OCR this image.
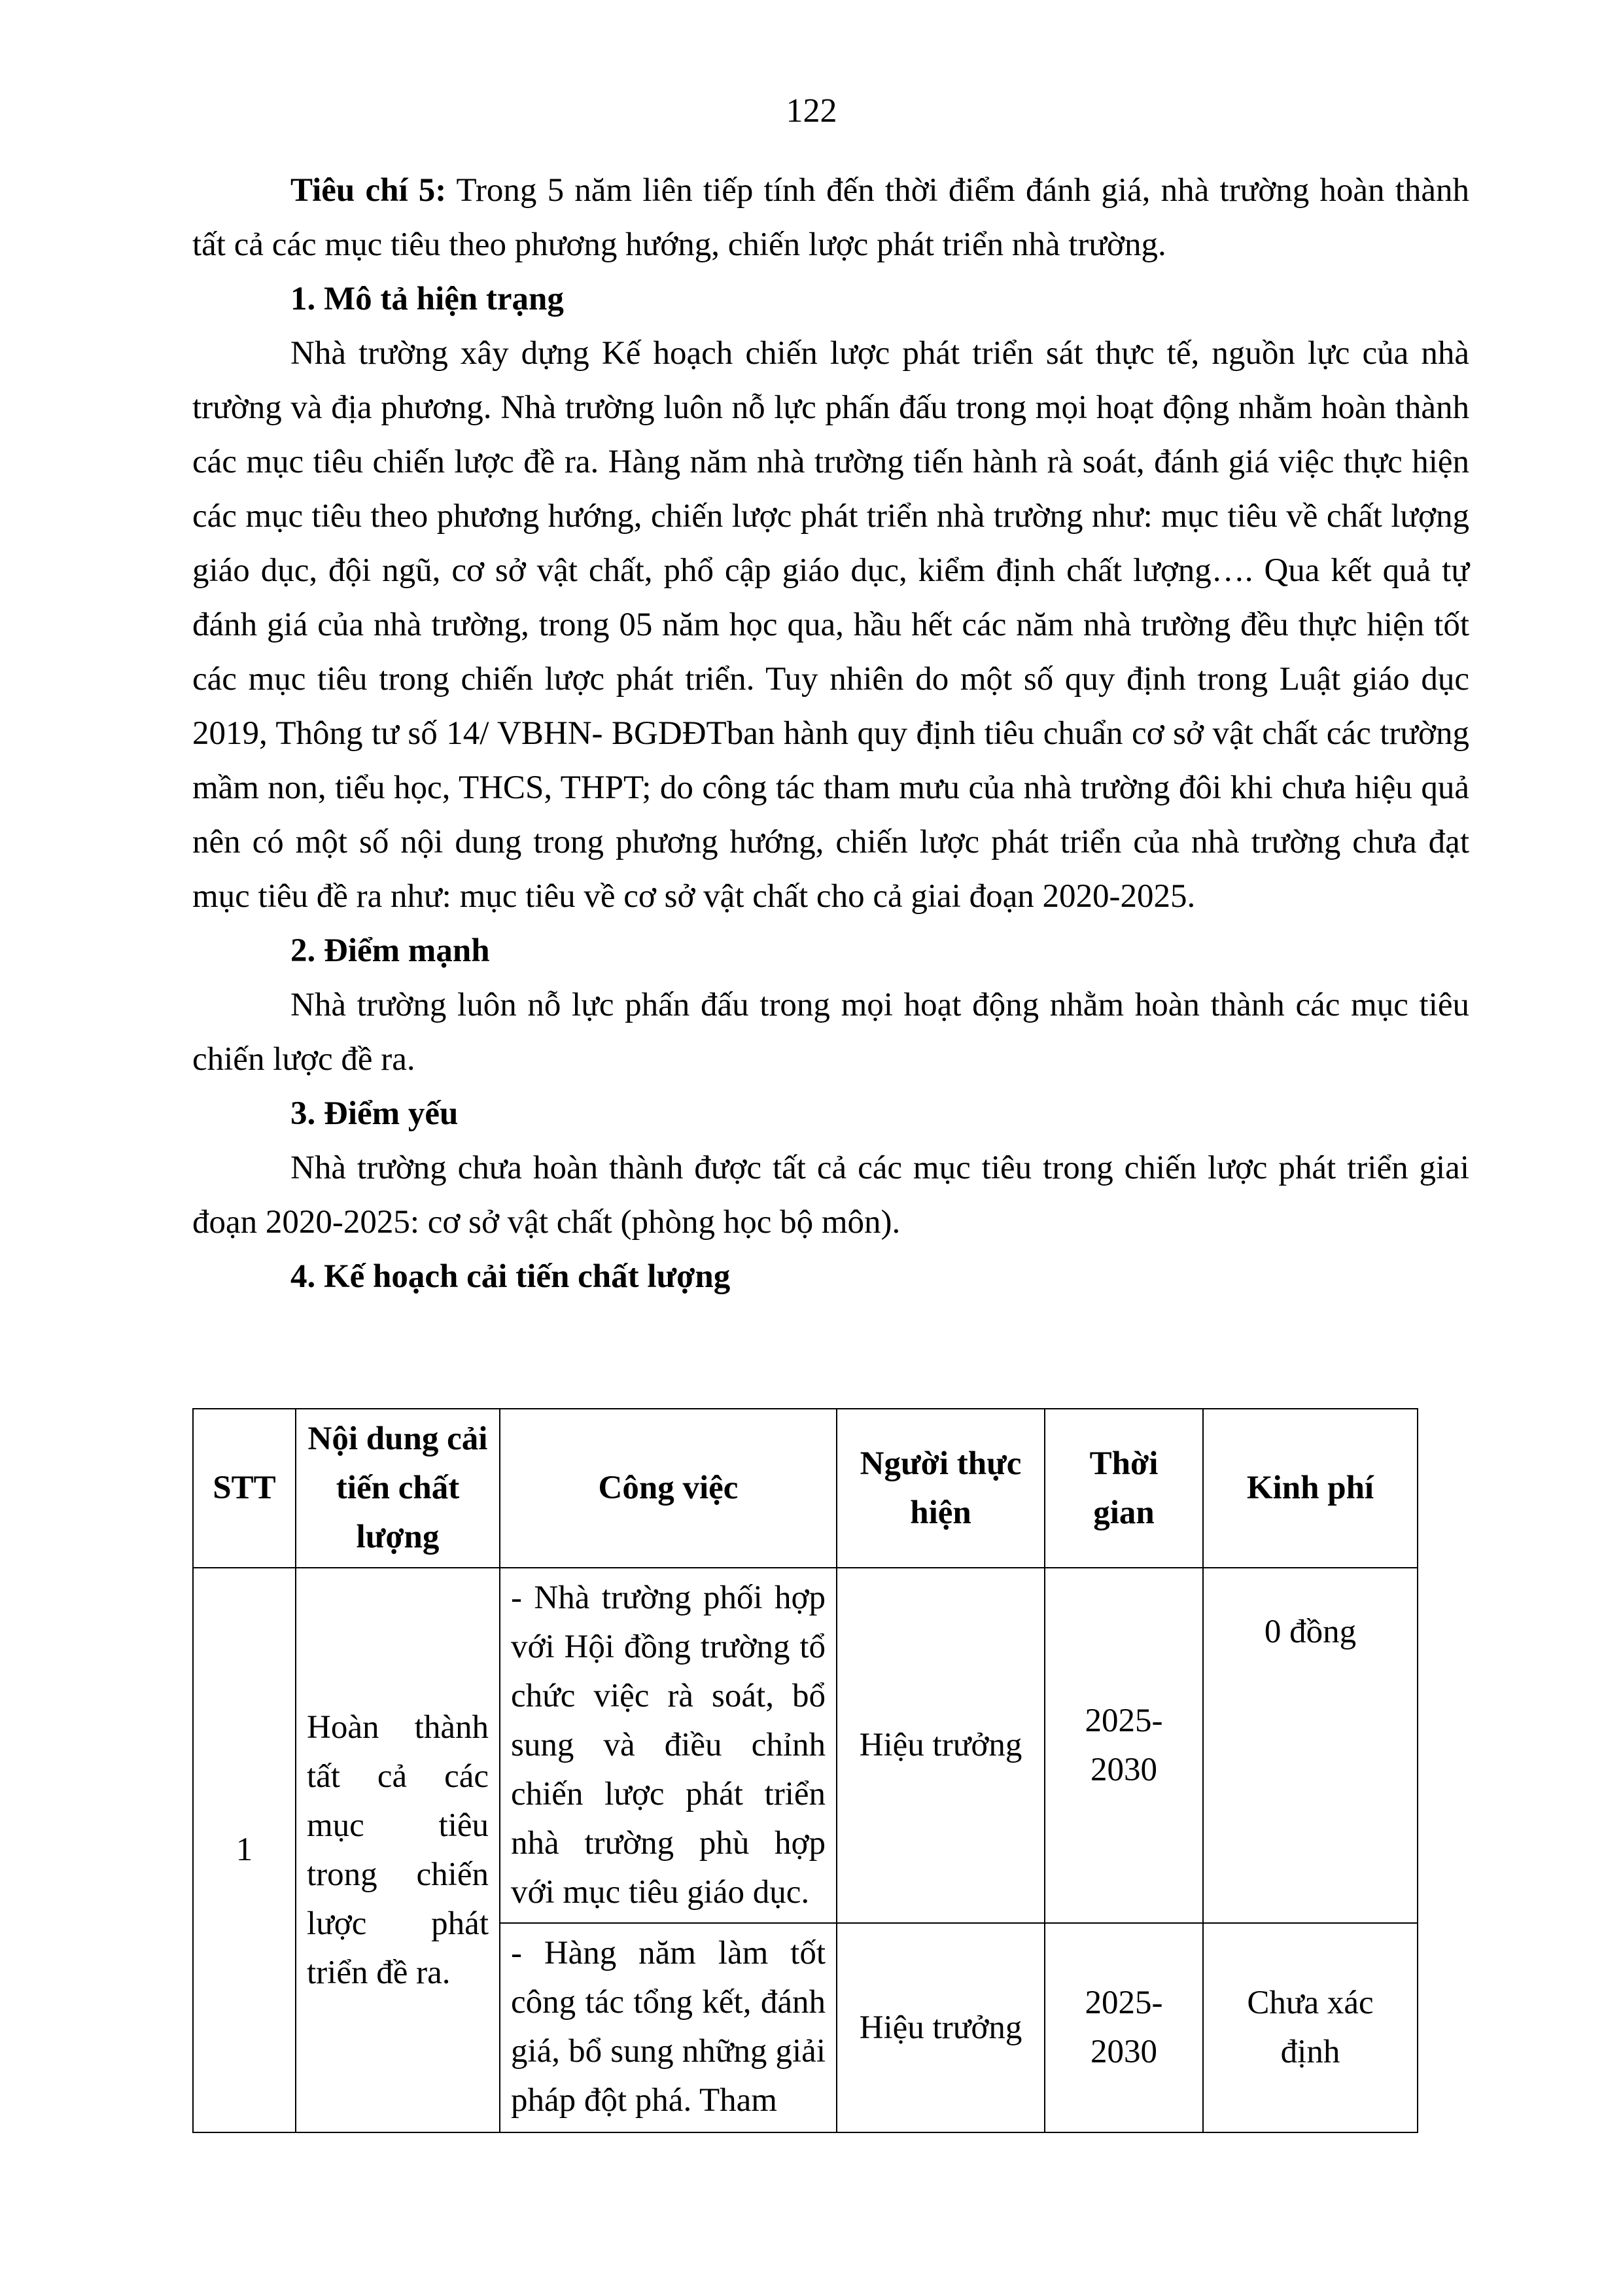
122

Tiêu chí 5: Trong 5 năm liên tiếp tính đến thời điểm đánh giá, nhà trường hoàn thành tất cả các mục tiêu theo phương hướng, chiến lược phát triển nhà trường.

1. Mô tả hiện trạng

Nhà trường xây dựng Kế hoạch chiến lược phát triển sát thực tế, nguồn lực của nhà trường và địa phương. Nhà trường luôn nỗ lực phấn đấu trong mọi hoạt động nhằm hoàn thành các mục tiêu chiến lược đề ra. Hàng năm nhà trường tiến hành rà soát, đánh giá việc thực hiện các mục tiêu theo phương hướng, chiến lược phát triển nhà trường như: mục tiêu về chất lượng giáo dục, đội ngũ, cơ sở vật chất, phổ cập giáo dục, kiểm định chất lượng…. Qua kết quả tự đánh giá của nhà trường, trong 05 năm học qua, hầu hết các năm nhà trường đều thực hiện tốt các mục tiêu trong chiến lược phát triển. Tuy nhiên do một số quy định trong Luật giáo dục 2019, Thông tư số 14/ VBHN- BGDĐTban hành quy định tiêu chuẩn cơ sở vật chất các trường mầm non, tiểu học, THCS, THPT; do công tác tham mưu của nhà trường đôi khi chưa hiệu quả nên có một số nội dung trong phương hướng, chiến lược phát triển của nhà trường chưa đạt mục tiêu đề ra như: mục tiêu về cơ sở vật chất cho cả giai đoạn 2020-2025.

2. Điểm mạnh

Nhà trường luôn nỗ lực phấn đấu trong mọi hoạt động nhằm hoàn thành các mục tiêu chiến lược đề ra.

3. Điểm yếu

Nhà trường chưa hoàn thành được tất cả các mục tiêu trong chiến lược phát triển giai đoạn 2020-2025: cơ sở vật chất (phòng học bộ môn).

4. Kế hoạch cải tiến chất lượng

STT	Nội dung cải tiến chất lượng	Công việc	Người thực hiện	Thời gian	Kinh phí
1	Hoàn thành tất cả các mục tiêu trong chiến lược phát triển đề ra.	- Nhà trường phối hợp với Hội đồng trường tổ chức việc rà soát, bổ sung và điều chỉnh chiến lược phát triển nhà trường phù hợp với mục tiêu giáo dục.	Hiệu trưởng	2025-2030	0 đồng

		- Hàng năm làm tốt công tác tổng kết, đánh giá, bổ sung những giải pháp đột phá. Tham	Hiệu trưởng	2025-2030	Chưa xác định
